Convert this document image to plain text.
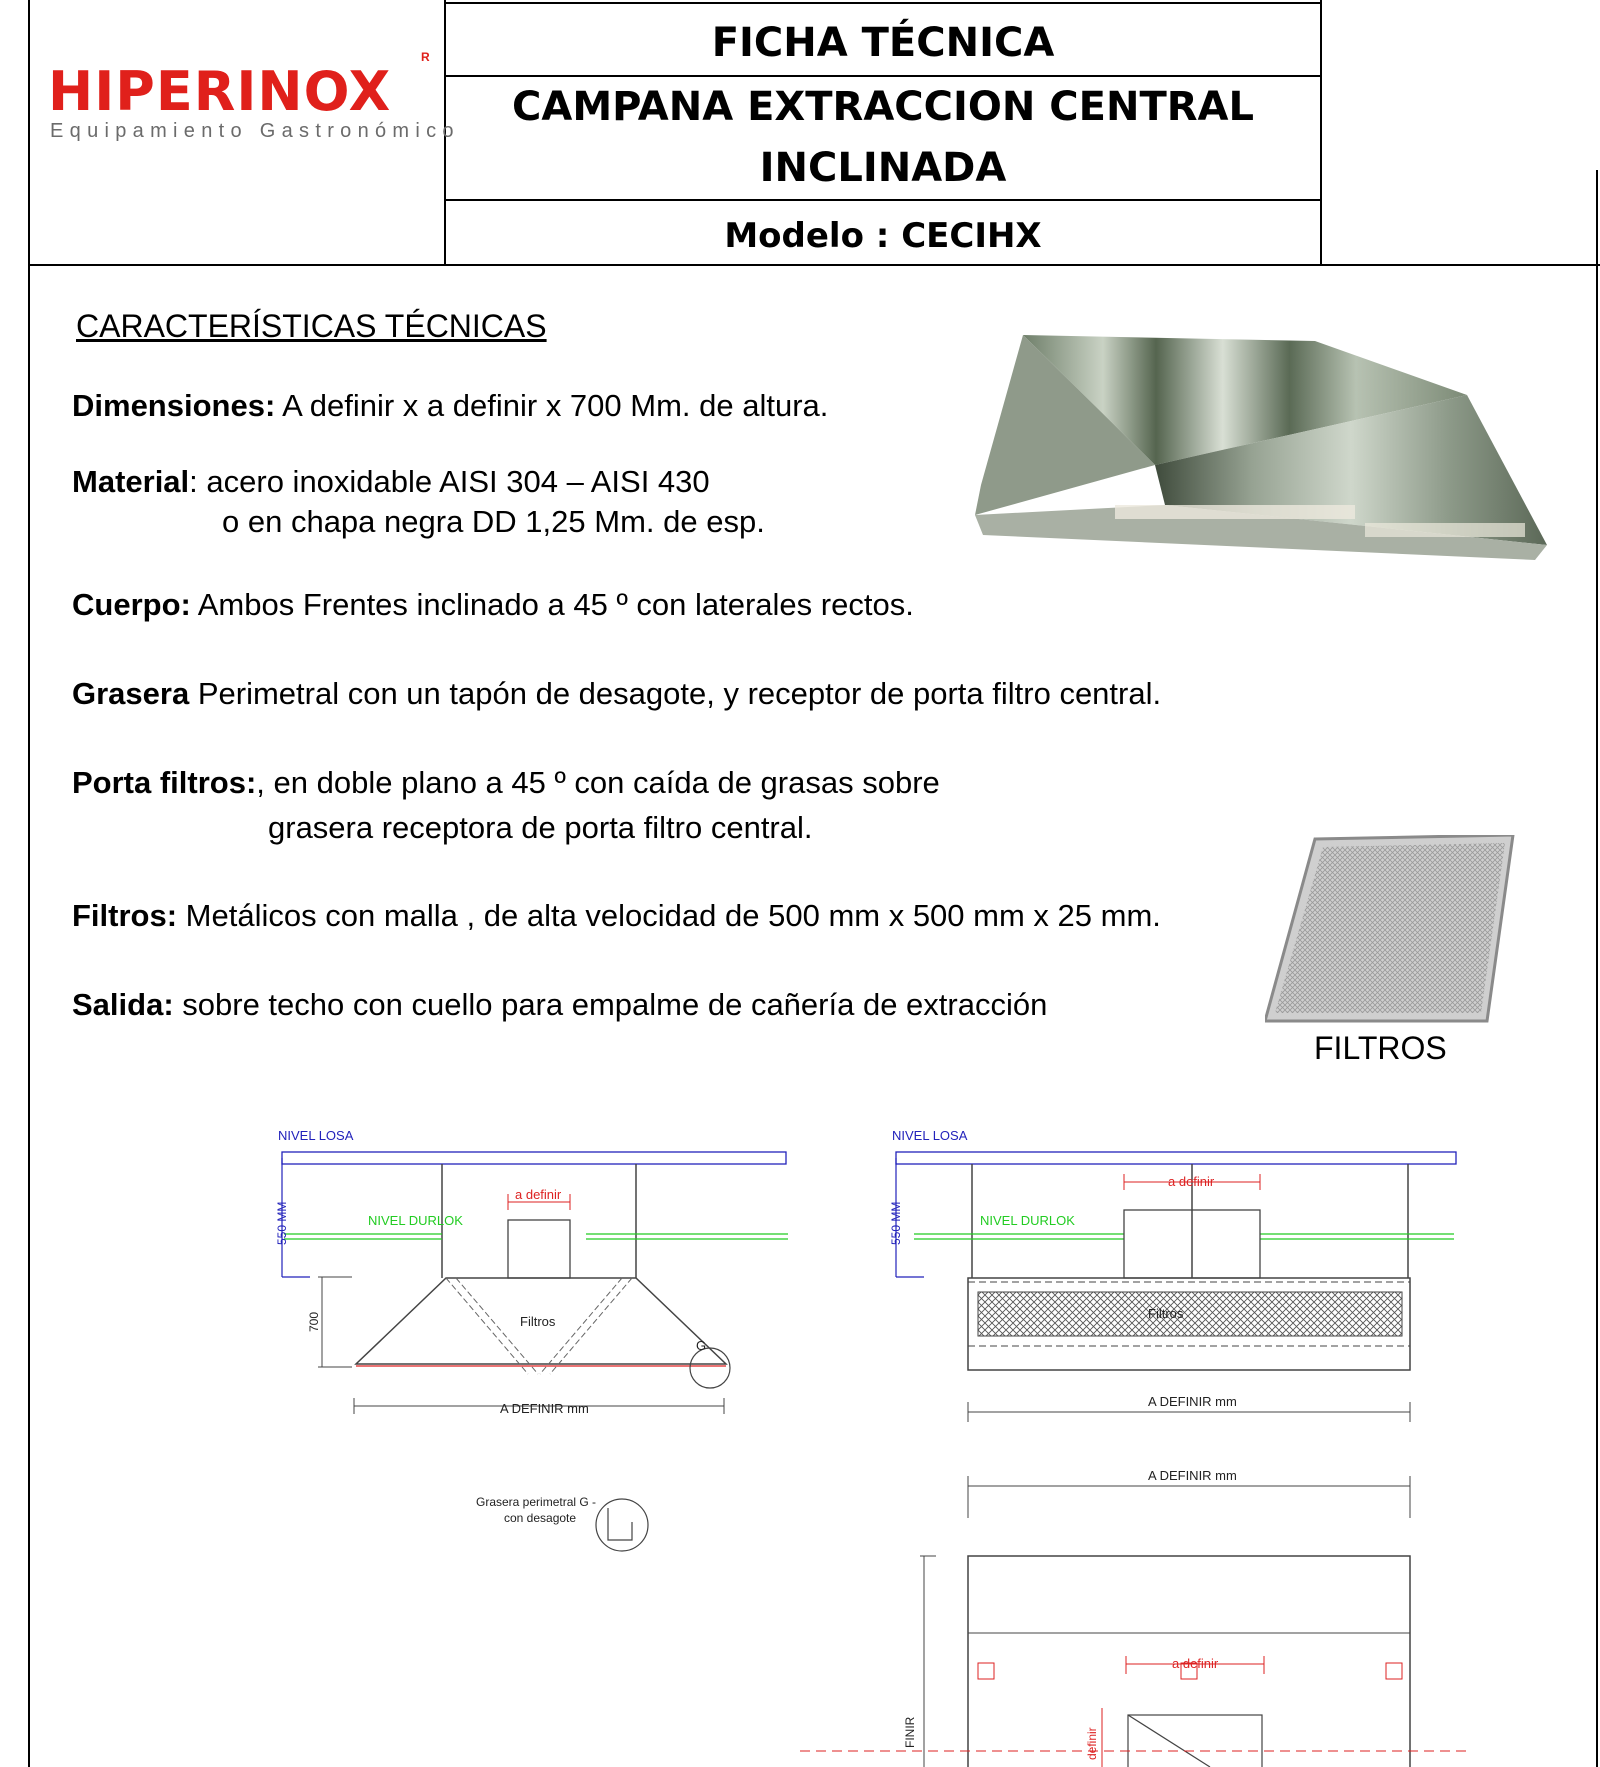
HIPERINOX
R
Equipamiento Gastronómico
FICHA TÉCNICA
CAMPANA EXTRACCION CENTRAL
INCLINADA
Modelo : CECIHX
CARACTERÍSTICAS TÉCNICAS
Dimensiones: A definir x a definir x 700 Mm. de altura.
Material: acero inoxidable AISI 304 – AISI 430
o en chapa negra DD 1,25 Mm. de esp.
Cuerpo: Ambos Frentes inclinado a 45 º con laterales rectos.
Grasera Perimetral con un tapón de desagote, y receptor de porta filtro central.
Porta filtros:, en doble plano a 45 º con caída de grasas sobre
grasera receptora de porta filtro central.
Filtros: Metálicos con malla , de alta velocidad de 500 mm x 500 mm x 25 mm.
Salida: sobre techo con cuello para empalme de cañería de extracción
FILTROS
NIVEL LOSA
NIVEL DURLOK
550 MM
a definir
Filtros
700
G
A DEFINIR mm
Grasera perimetral G -
con desagote
NIVEL LOSA
NIVEL DURLOK
550 MM
a definir
Filtros
A DEFINIR mm
A DEFINIR mm
FINIR
a definir
definir
